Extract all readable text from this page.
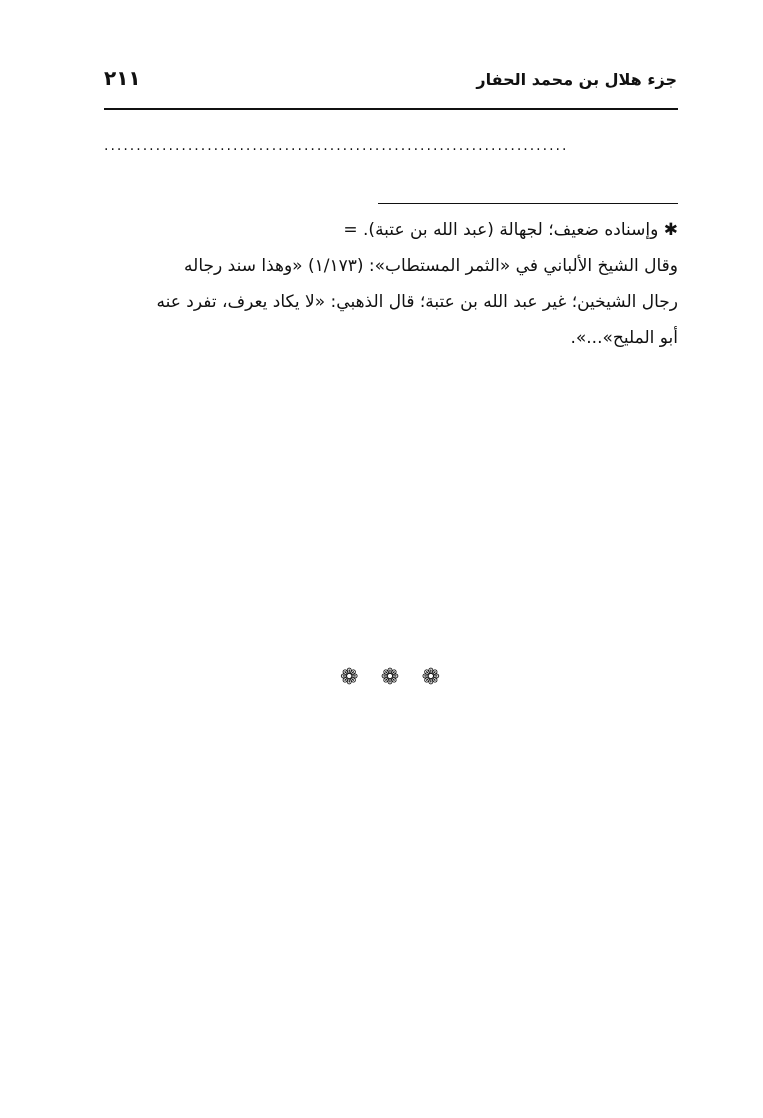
٢١١	جزء هلال بن محمد الحفار
........................................................................
✱ وإسناده ضعيف؛ لجهالة (عبد الله بن عتبة). =
وقال الشيخ الألباني في «الثمر المستطاب»: (١/١٧٣) «وهذا سند رجاله
رجال الشيخين؛ غير عبد الله بن عتبة؛ قال الذهبي: «لا يكاد يعرف، تفرد عنه
أبو المليح»...».
❁ ❁ ❁
